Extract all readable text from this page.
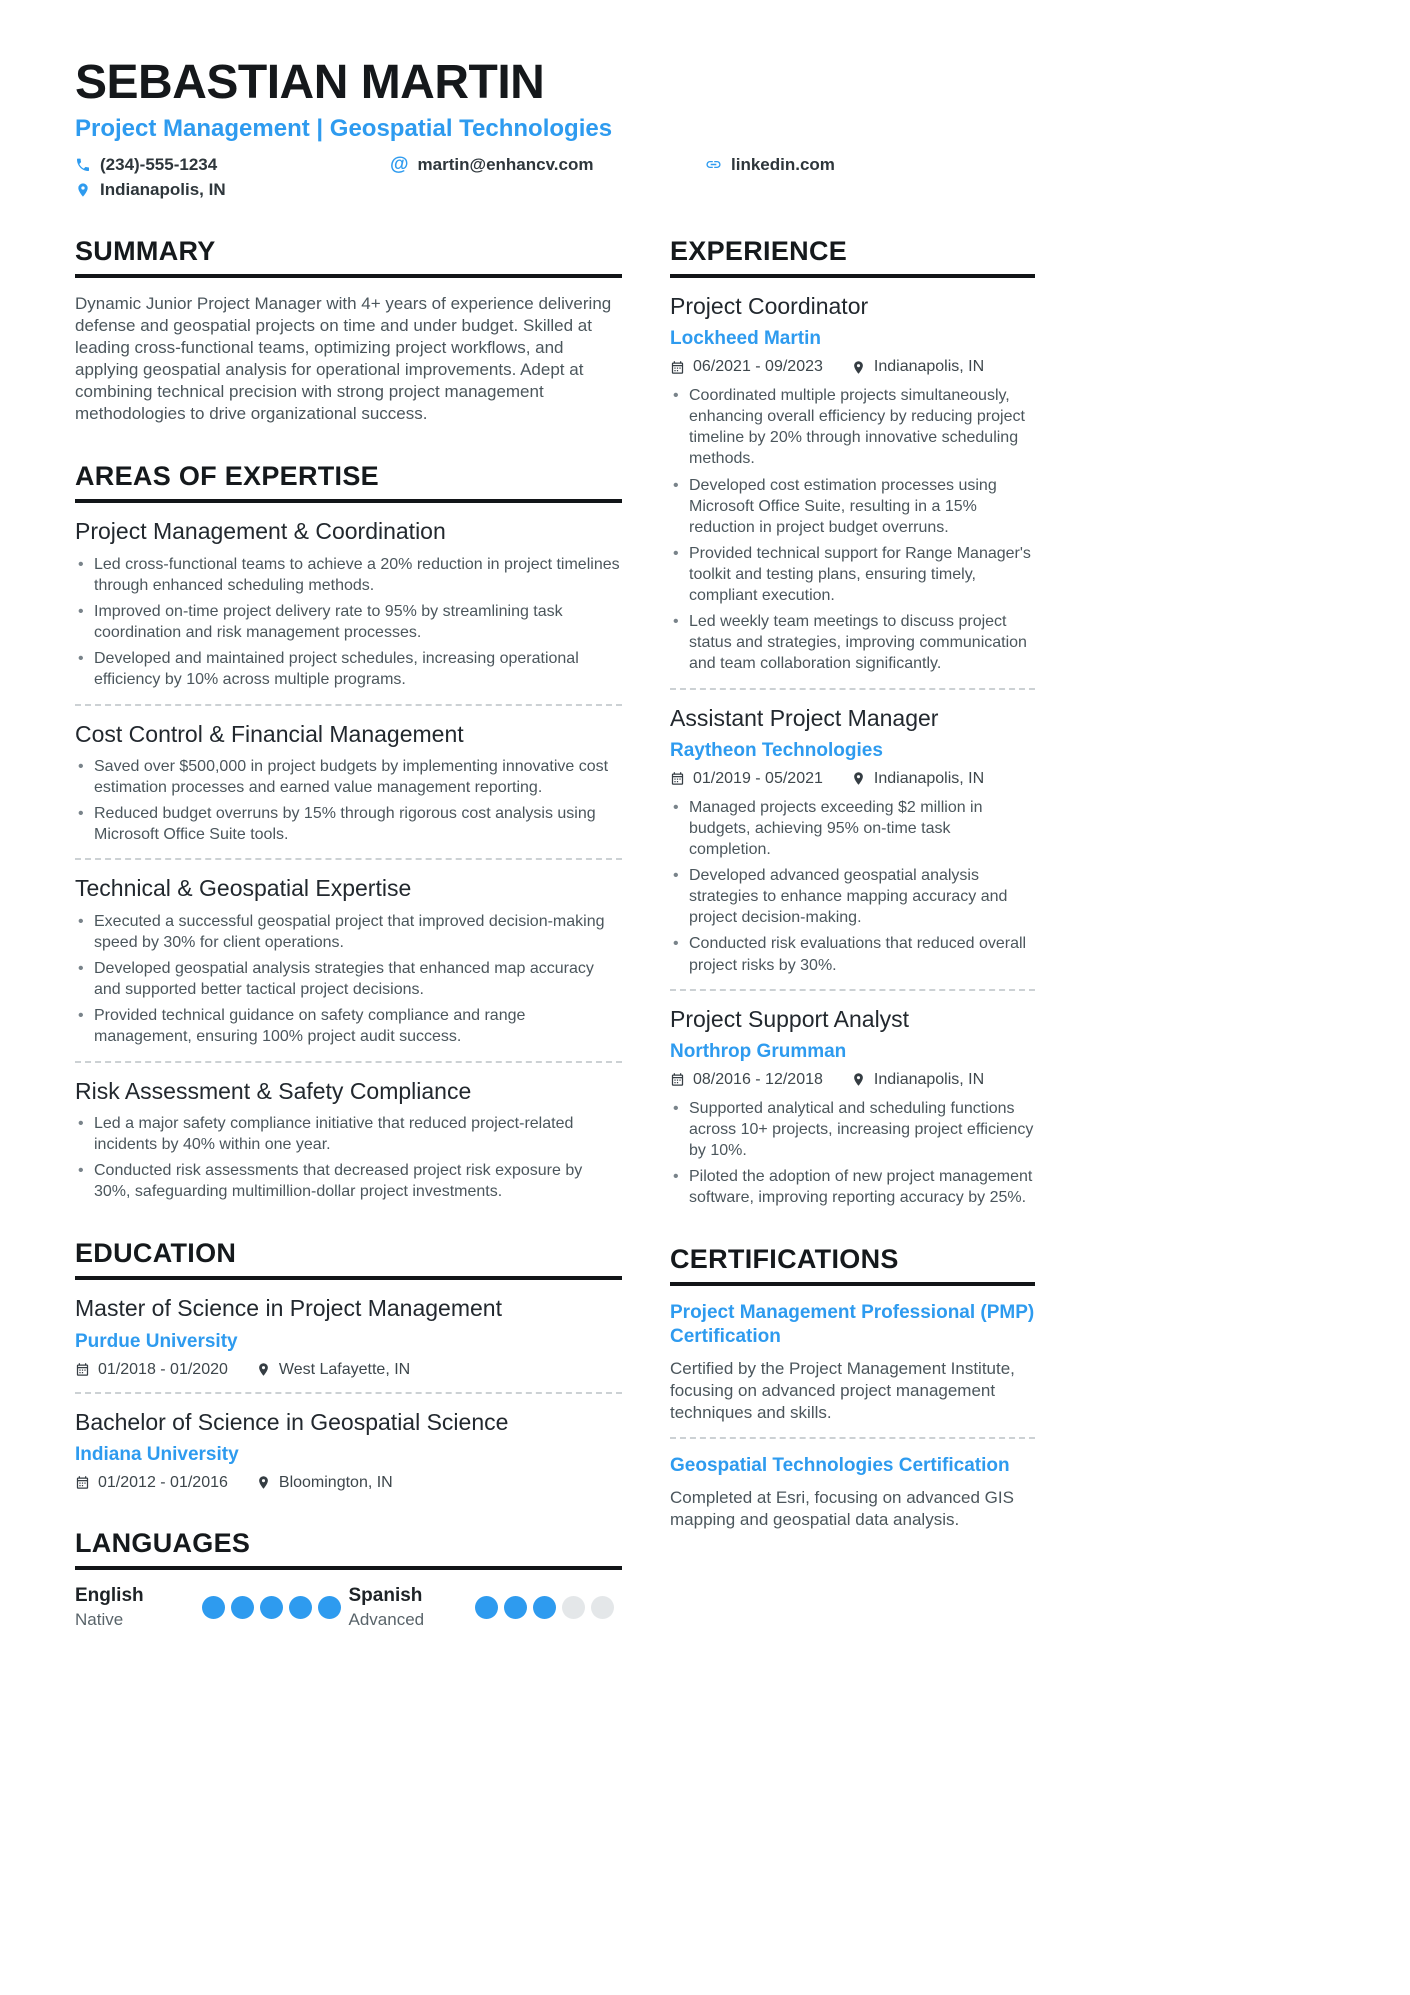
SEBASTIAN MARTIN
Project Management | Geospatial Technologies
(234)-555-1234	@ martin@enhancv.com	linkedin.com
Indianapolis, IN
SUMMARY

Dynamic Junior Project Manager with 4+ years of experience delivering defense and geospatial projects on time and under budget. Skilled at leading cross-functional teams, optimizing project workflows, and applying geospatial analysis for operational improvements. Adept at combining technical precision with strong project management methodologies to drive organizational success.

AREAS OF EXPERTISE
Project Management & Coordination
• Led cross-functional teams to achieve a 20% reduction in project timelines through enhanced scheduling methods.
• Improved on-time project delivery rate to 95% by streamlining task coordination and risk management processes.
• Developed and maintained project schedules, increasing operational efficiency by 10% across multiple programs.
Cost Control & Financial Management
• Saved over $500,000 in project budgets by implementing innovative cost estimation processes and earned value management reporting.
• Reduced budget overruns by 15% through rigorous cost analysis using Microsoft Office Suite tools.
Technical & Geospatial Expertise
• Executed a successful geospatial project that improved decision-making speed by 30% for client operations.
• Developed geospatial analysis strategies that enhanced map accuracy and supported better tactical project decisions.
• Provided technical guidance on safety compliance and range management, ensuring 100% project audit success.
Risk Assessment & Safety Compliance
• Led a major safety compliance initiative that reduced project-related incidents by 40% within one year.
• Conducted risk assessments that decreased project risk exposure by 30%, safeguarding multimillion-dollar project investments.
EDUCATION
Master of Science in Project Management
Purdue University
01/2018 - 01/2020	West Lafayette, IN
Bachelor of Science in Geospatial Science
Indiana University
01/2012 - 01/2016	Bloomington, IN
LANGUAGES
English
Native
Spanish
Advanced
EXPERIENCE
Project Coordinator
Lockheed Martin
06/2021 - 09/2023	Indianapolis, IN
• Coordinated multiple projects simultaneously, enhancing overall efficiency by reducing project timeline by 20% through innovative scheduling methods.
• Developed cost estimation processes using Microsoft Office Suite, resulting in a 15% reduction in project budget overruns.
• Provided technical support for Range Manager's toolkit and testing plans, ensuring timely, compliant execution.
• Led weekly team meetings to discuss project status and strategies, improving communication and team collaboration significantly.
Assistant Project Manager
Raytheon Technologies
01/2019 - 05/2021	Indianapolis, IN
• Managed projects exceeding $2 million in budgets, achieving 95% on-time task completion.
• Developed advanced geospatial analysis strategies to enhance mapping accuracy and project decision-making.
• Conducted risk evaluations that reduced overall project risks by 30%.
Project Support Analyst
Northrop Grumman
08/2016 - 12/2018	Indianapolis, IN
• Supported analytical and scheduling functions across 10+ projects, increasing project efficiency by 10%.
• Piloted the adoption of new project management software, improving reporting accuracy by 25%.
CERTIFICATIONS

Project Management Professional (PMP) Certification

Certified by the Project Management Institute, focusing on advanced project management techniques and skills.

Geospatial Technologies Certification

Completed at Esri, focusing on advanced GIS mapping and geospatial data analysis.
